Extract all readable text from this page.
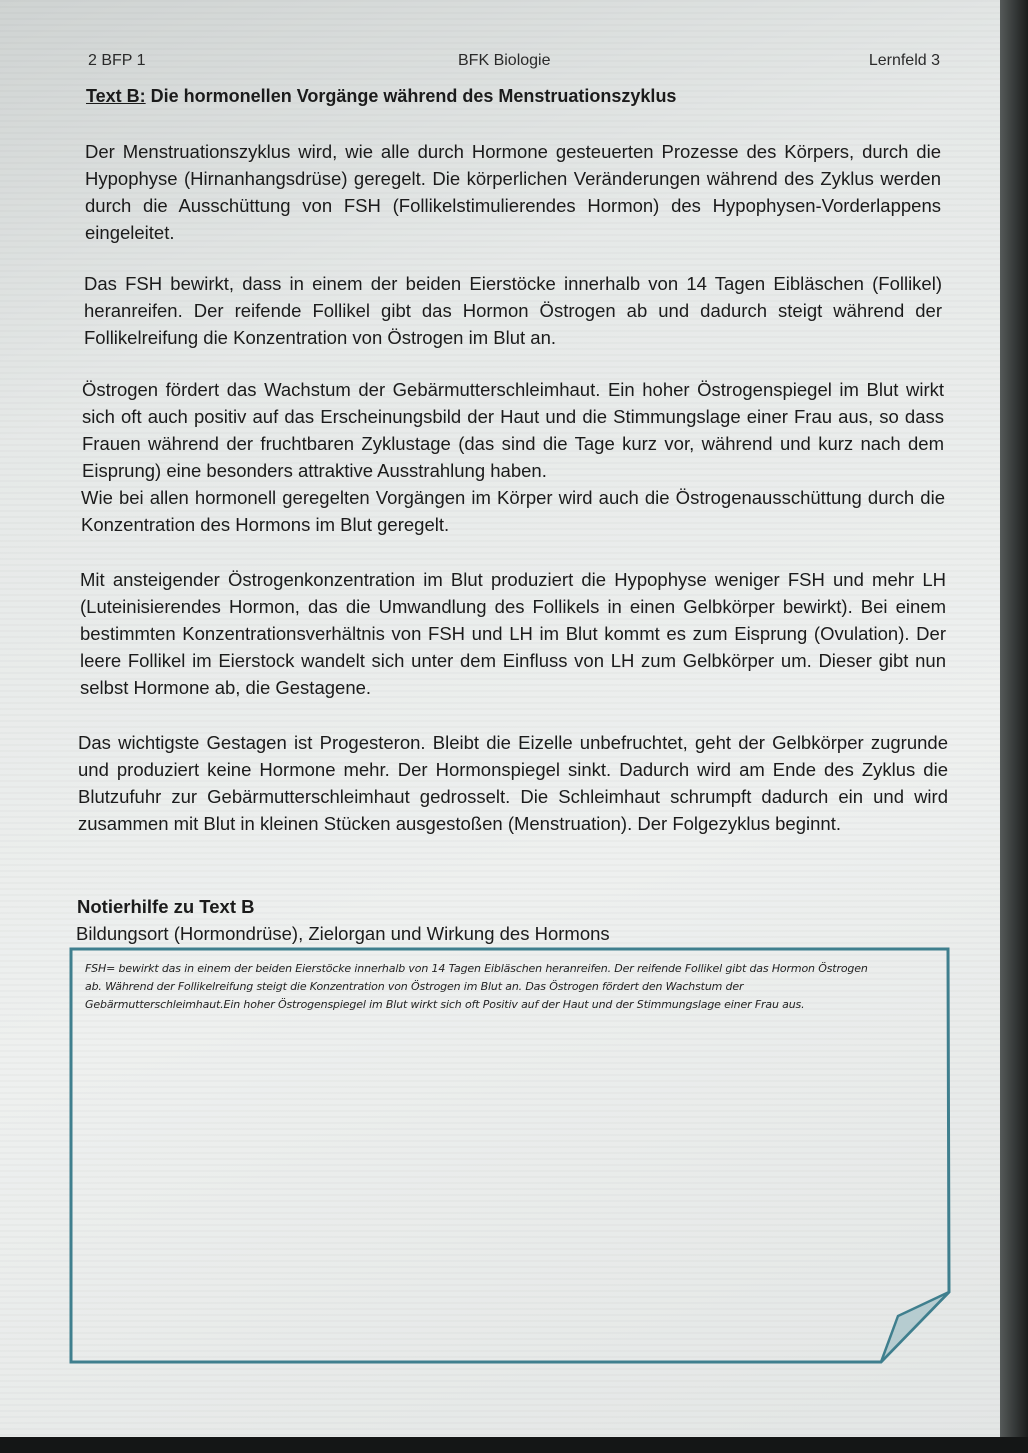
2 BFP 1	BFK Biologie	Lernfeld 3
Text B: Die hormonellen Vorgänge während des Menstruationszyklus
Der Menstruationszyklus wird, wie alle durch Hormone gesteuerten Prozesse des Körpers, durch die Hypophyse (Hirnanhangsdrüse) geregelt. Die körperlichen Veränderungen während des Zyklus werden durch die Ausschüttung von FSH (Follikelstimulierendes Hormon) des Hypophysen-Vorderlappens eingeleitet.
Das FSH bewirkt, dass in einem der beiden Eierstöcke innerhalb von 14 Tagen Eibläschen (Follikel) heranreifen. Der reifende Follikel gibt das Hormon Östrogen ab und dadurch steigt während der Follikelreifung die Konzentration von Östrogen im Blut an.
Östrogen fördert das Wachstum der Gebärmutterschleimhaut. Ein hoher Östrogenspiegel im Blut wirkt sich oft auch positiv auf das Erscheinungsbild der Haut und die Stimmungslage einer Frau aus, so dass Frauen während der fruchtbaren Zyklustage (das sind die Tage kurz vor, während und kurz nach dem Eisprung) eine besonders attraktive Ausstrahlung haben.
Wie bei allen hormonell geregelten Vorgängen im Körper wird auch die Östrogenausschüttung durch die Konzentration des Hormons im Blut geregelt.
Mit ansteigender Östrogenkonzentration im Blut produziert die Hypophyse weniger FSH und mehr LH (Luteinisierendes Hormon, das die Umwandlung des Follikels in einen Gelbkörper bewirkt). Bei einem bestimmten Konzentrationsverhältnis von FSH und LH im Blut kommt es zum Eisprung (Ovulation). Der leere Follikel im Eierstock wandelt sich unter dem Einfluss von LH zum Gelbkörper um. Dieser gibt nun selbst Hormone ab, die Gestagene.
Das wichtigste Gestagen ist Progesteron. Bleibt die Eizelle unbefruchtet, geht der Gelbkörper zugrunde und produziert keine Hormone mehr. Der Hormonspiegel sinkt. Dadurch wird am Ende des Zyklus die Blutzufuhr zur Gebärmutterschleimhaut gedrosselt. Die Schleimhaut schrumpft dadurch ein und wird zusammen mit Blut in kleinen Stücken ausgestoßen (Menstruation). Der Folgezyklus beginnt.
Notierhilfe zu Text B
Bildungsort (Hormondrüse), Zielorgan und Wirkung des Hormons
FSH= bewirkt das in einem der beiden Eierstöcke innerhalb von 14 Tagen Eibläschen heranreifen. Der reifende Follikel gibt das Hormon Östrogen ab. Während der Follikelreifung steigt die Konzentration von Östrogen im Blut an. Das Östrogen fördert den Wachstum der Gebärmutterschleimhaut.Ein hoher Östrogenspiegel im Blut wirkt sich oft Positiv auf der Haut und der Stimmungslage einer Frau aus.
